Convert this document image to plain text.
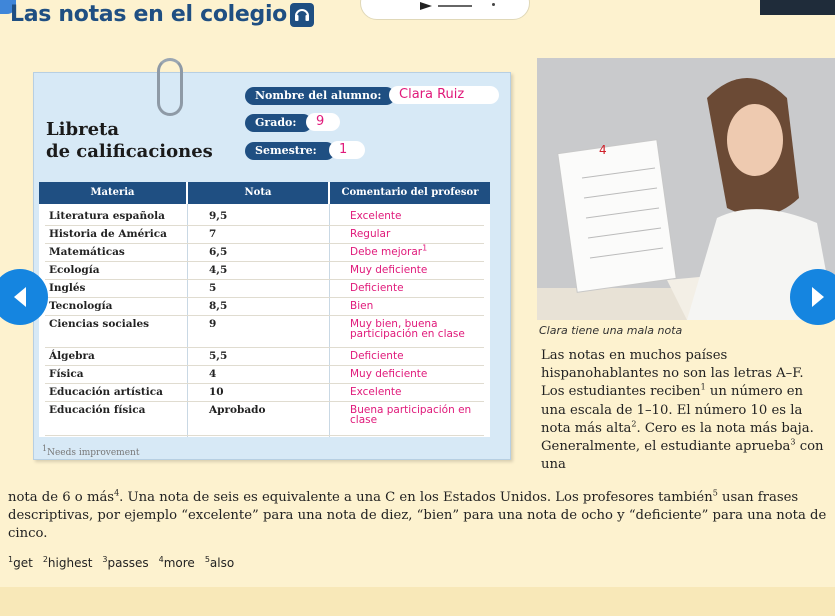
Las notas en el colegio
Libreta
de calificaciones
Nombre del alumno:	Clara Ruiz
Grado:	9
Semestre:	1
Materia	Nota	Comentario del profesor
Literatura española	9,5	Excelente
Historia de América	7	Regular
Matemáticas	6,5	Debe mejorar$^1$
Ecología	4,5	Muy deficiente
Inglés	5	Deficiente
Tecnología	8,5	Bien
Ciencias sociales	9	Muy bien, buena participación en clase
Álgebra	5,5	Deficiente
Física	4	Muy deficiente
Educación artística	10	Excelente
Educación física	Aprobado	Buena participación en clase
$^1$Needs improvement
4
Clara tiene una mala nota
Las notas en muchos países hispanohablantes no son las letras A–F. Los estudiantes reciben$^1$ un número en una escala de 1–10. El número 10 es la nota más alta$^2$. Cero es la nota más baja. Generalmente, el estudiante aprueba$^3$ con una
nota de 6 o más$^4$. Una nota de seis es equivalente a una C en los Estados Unidos. Los profesores también$^5$ usan frases descriptivas, por ejemplo “excelente” para una nota de diez, “bien” para una nota de ocho y “deficiente” para una nota de cinco.
$^1$get $^2$highest $^3$passes $^4$more $^5$also
